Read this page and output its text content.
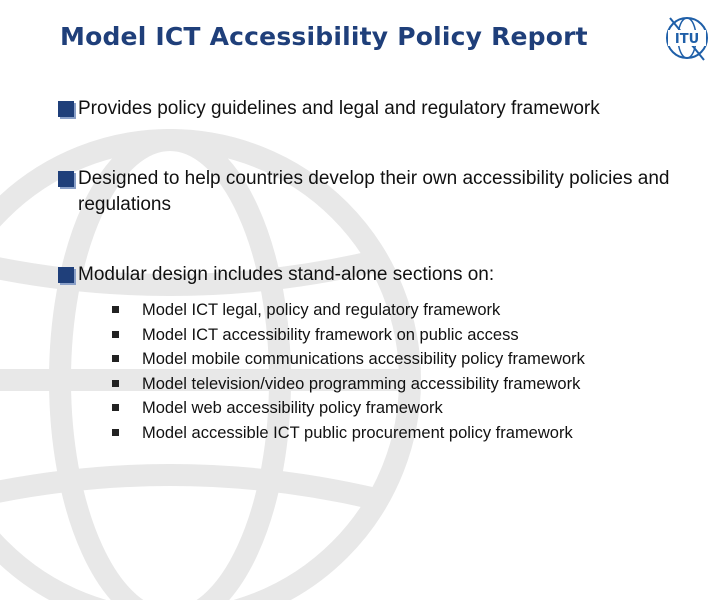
Model ICT Accessibility Policy Report	ITU
Provides policy guidelines and legal and regulatory framework
Designed to help countries develop their own accessibility policies and regulations
Modular design includes stand-alone sections on:
Model ICT legal, policy and regulatory framework
Model ICT accessibility framework on public access
Model mobile communications accessibility policy framework
Model television/video programming accessibility framework
Model web accessibility policy framework
Model accessible ICT public procurement policy framework
